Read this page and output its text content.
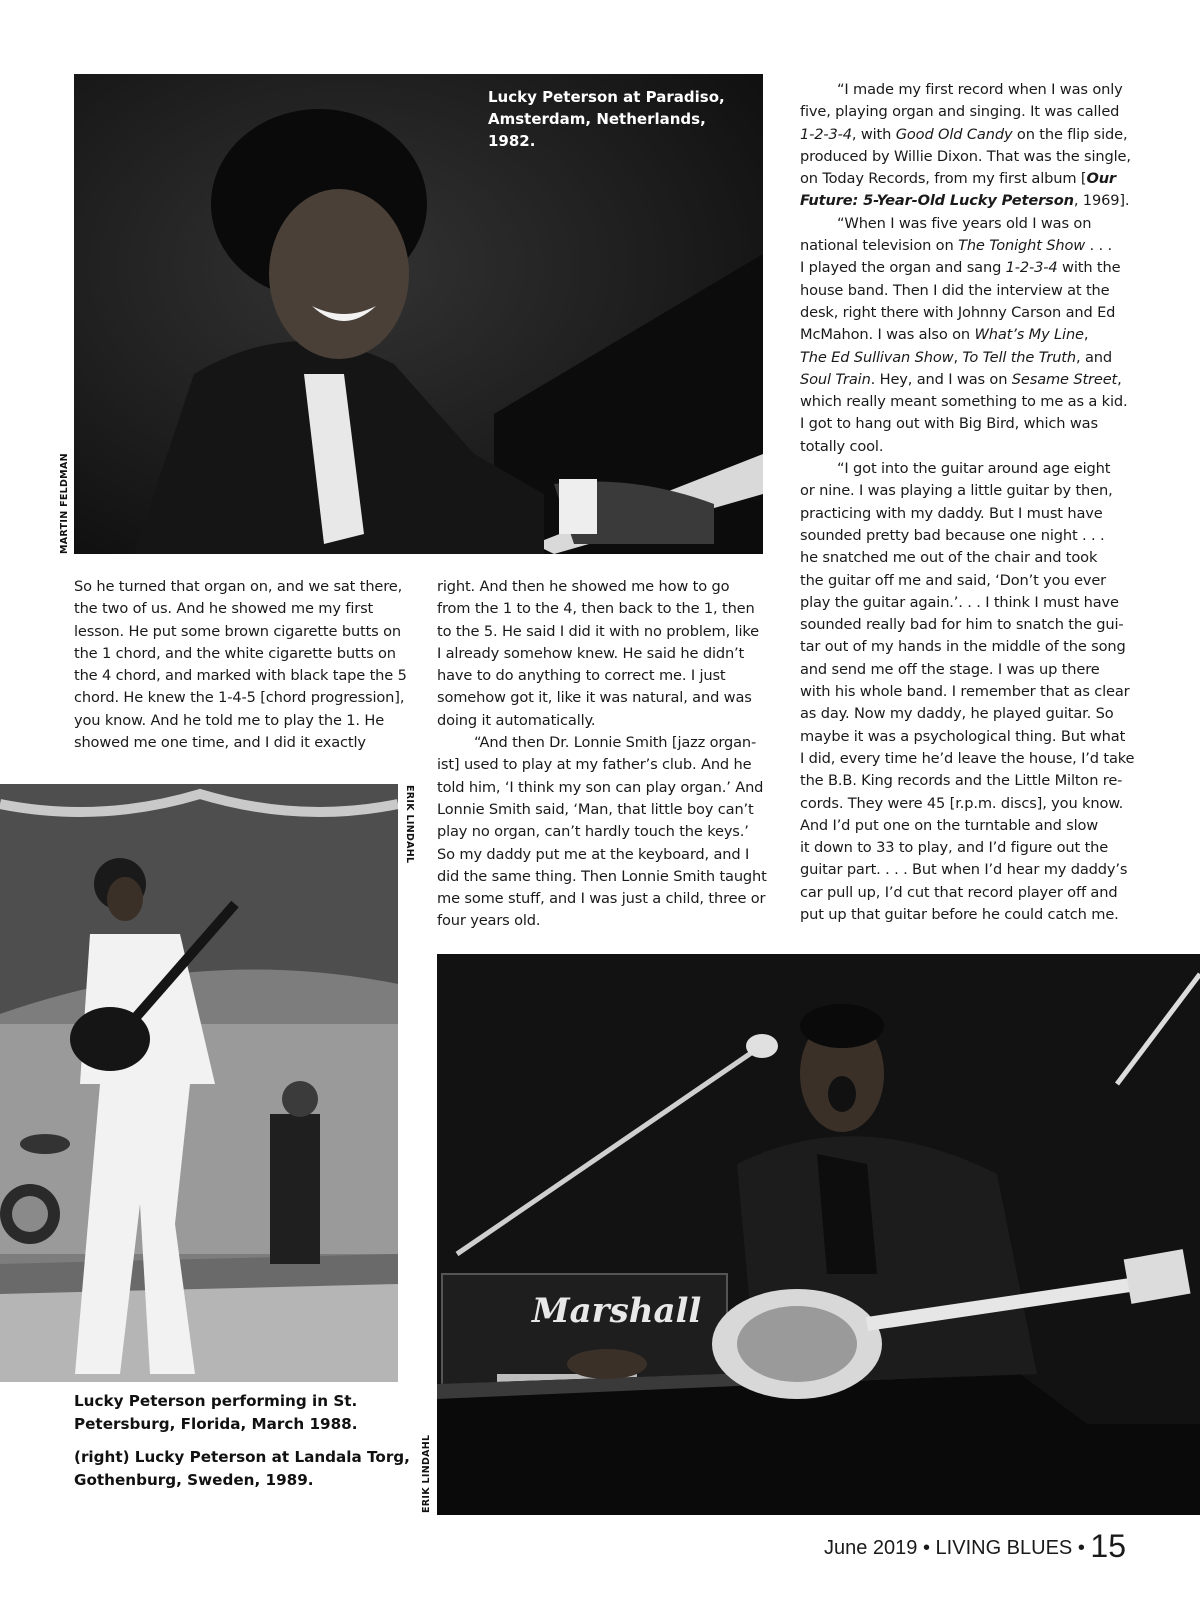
Lucky Peterson at Paradiso,
Amsterdam, Netherlands, 1982.
MARTIN FELDMAN
ERIK LINDAHL
Marshall
ERIK LINDAHL
Lucky Peterson performing in St.
Petersburg, Florida, March 1988.
(right) Lucky Peterson at Landala Torg,
Gothenburg, Sweden, 1989.

So he turned that organ on, and we sat there,

the two of us. And he showed me my first

lesson. He put some brown cigarette butts on

the 1 chord, and the white cigarette butts on

the 4 chord, and marked with black tape the 5

chord. He knew the 1-4-5 [chord progression],

you know. And he told me to play the 1. He

showed me one time, and I did it exactly

right. And then he showed me how to go

from the 1 to the 4, then back to the 1, then

to the 5. He said I did it with no problem, like

I already somehow knew. He said he didn’t

have to do anything to correct me. I just

somehow got it, like it was natural, and was

doing it automatically.

“And then Dr. Lonnie Smith [jazz organ-

ist] used to play at my father’s club. And he

told him, ‘I think my son can play organ.’ And

Lonnie Smith said, ‘Man, that little boy can’t

play no organ, can’t hardly touch the keys.’

So my daddy put me at the keyboard, and I

did the same thing. Then Lonnie Smith taught

me some stuff, and I was just a child, three or

four years old.

“I made my first record when I was only

five, playing organ and singing. It was called

1-2-3-4, with Good Old Candy on the flip side,

produced by Willie Dixon. That was the single,

on Today Records, from my first album [Our

Future: 5-Year-Old Lucky Peterson, 1969].

“When I was five years old I was on

national television on The Tonight Show . . .

I played the organ and sang 1-2-3-4 with the

house band. Then I did the interview at the

desk, right there with Johnny Carson and Ed

McMahon. I was also on What’s My Line,

The Ed Sullivan Show, To Tell the Truth, and

Soul Train. Hey, and I was on Sesame Street,

which really meant something to me as a kid.

I got to hang out with Big Bird, which was

totally cool.

“I got into the guitar around age eight

or nine. I was playing a little guitar by then,

practicing with my daddy. But I must have

sounded pretty bad because one night . . .

he snatched me out of the chair and took

the guitar off me and said, ‘Don’t you ever

play the guitar again.’. . . I think I must have

sounded really bad for him to snatch the gui-

tar out of my hands in the middle of the song

and send me off the stage. I was up there

with his whole band. I remember that as clear

as day. Now my daddy, he played guitar. So

maybe it was a psychological thing. But what

I did, every time he’d leave the house, I’d take

the B.B. King records and the Little Milton re-

cords. They were 45 [r.p.m. discs], you know.

And I’d put one on the turntable and slow

it down to 33 to play, and I’d figure out the

guitar part. . . . But when I’d hear my daddy’s

car pull up, I’d cut that record player off and

put up that guitar before he could catch me.

June 2019 • LIVING BLUES • 15
